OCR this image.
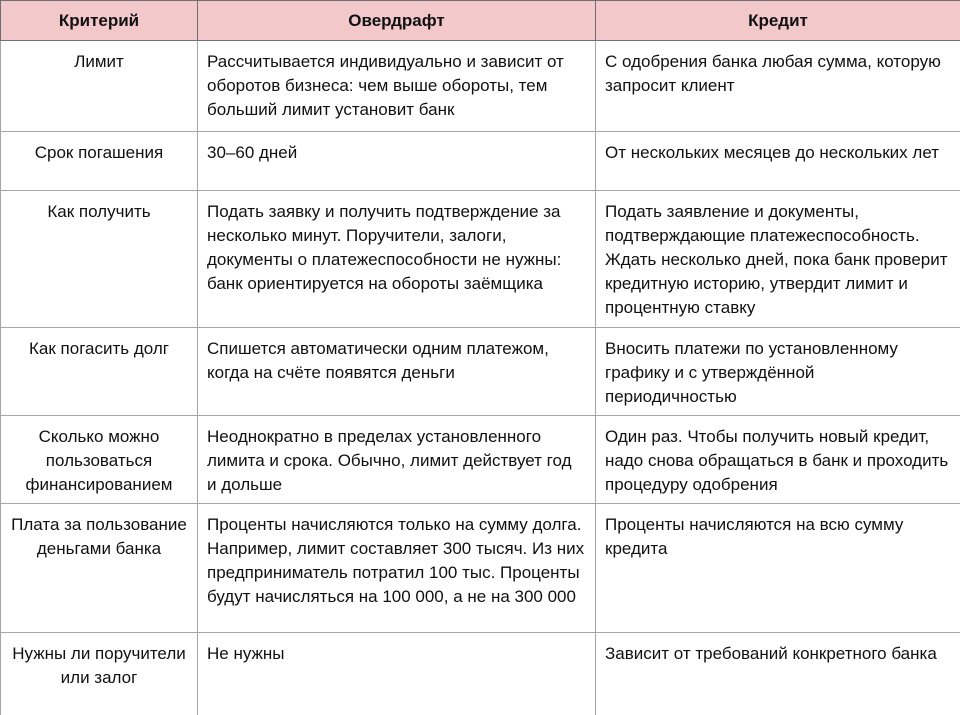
Критерий	Овердрафт	Кредит
Лимит	Рассчитывается индивидуально и зависит от оборотов бизнеса: чем выше обороты, тем больший лимит установит банк	С одобрения банка любая сумма, которую запросит клиент
Срок погашения	30–60 дней	От нескольких месяцев до нескольких лет
Как получить	Подать заявку и получить подтверждение за несколько минут. Поручители, залоги, документы о платежеспособности не нужны: банк ориентируется на обороты заёмщика	Подать заявление и документы, подтверждающие платежеспособность. Ждать несколько дней, пока банк проверит кредитную историю, утвердит лимит и процентную ставку
Как погасить долг	Спишется автоматически одним платежом, когда на счёте появятся деньги	Вносить платежи по установленному графику и с утверждённой периодичностью
Сколько можно пользоваться финансированием	Неоднократно в пределах установленного лимита и срока. Обычно, лимит действует год и дольше	Один раз. Чтобы получить новый кредит, надо снова обращаться в банк и проходить процедуру одобрения
Плата за пользование деньгами банка	Проценты начисляются только на сумму долга. Например, лимит составляет 300 тысяч. Из них предприниматель потратил 100 тыс. Проценты будут начисляться на 100 000, а не на 300 000	Проценты начисляются на всю сумму кредита
Нужны ли поручители или залог	Не нужны	Зависит от требований конкретного банка
